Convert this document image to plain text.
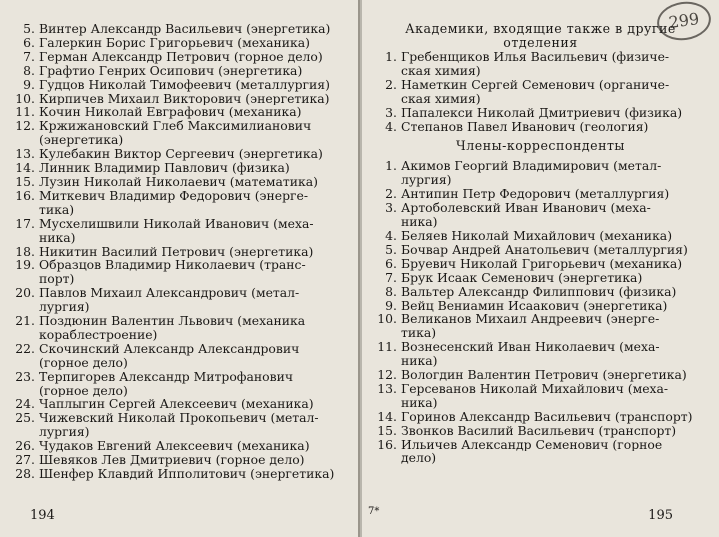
5. Винтер Александр Васильевич (энергетика)
6. Галеркин Борис Григорьевич (механика)
7. Герман Александр Петрович (горное дело)
8. Графтио Генрих Осипович (энергетика)
9. Гудцов Николай Тимофеевич (металлургия)
10. Кирпичев Михаил Викторович (энергетика)
11. Кочин Николай Евграфович (механика)
12. Кржижановский Глеб Максимилианович
(энергетика)
13. Кулебакин Виктор Сергеевич (энергетика)
14. Линник Владимир Павлович (физика)
15. Лузин Николай Николаевич (математика)
16. Миткевич Владимир Федорович (энерге-
тика)
17. Мусхелишвили Николай Иванович (меха-
ника)
18. Никитин Василий Петрович (энергетика)
19. Образцов Владимир Николаевич (транс-
порт)
20. Павлов Михаил Александрович (метал-
лургия)
21. Поздюнин Валентин Львович (механика
кораблестроение)
22. Скочинский Александр Александрович
(горное дело)
23. Терпигорев Александр Митрофанович
(горное дело)
24. Чаплыгин Сергей Алексеевич (механика)
25. Чижевский Николай Прокопьевич (метал-
лургия)
26. Чудаков Евгений Алексеевич (механика)
27. Шевяков Лев Дмитриевич (горное дело)
28. Шенфер Клавдий Ипполитович (энергетика)
194
299
Академики, входящие также в другие
отделения
1. Гребенщиков Илья Васильевич (физиче-
ская химия)
2. Наметкин Сергей Семенович (органиче-
ская химия)
3. Папалекси Николай Дмитриевич (физика)
4. Степанов Павел Иванович (геология)
Члены-корреспонденты
1. Акимов Георгий Владимирович (метал-
лургия)
2. Антипин Петр Федорович (металлургия)
3. Артоболевский Иван Иванович (меха-
ника)
4. Беляев Николай Михайлович (механика)
5. Бочвар Андрей Анатольевич (металлургия)
6. Бруевич Николай Григорьевич (механика)
7. Брук Исаак Семенович (энергетика)
8. Вальтер Александр Филиппович (физика)
9. Вейц Вениамин Исаакович (энергетика)
10. Великанов Михаил Андреевич (энерге-
тика)
11. Вознесенский Иван Николаевич (меха-
ника)
12. Вологдин Валентин Петрович (энергетика)
13. Герсеванов Николай Михайлович (меха-
ника)
14. Горинов Александр Васильевич (транспорт)
15. Звонков Василий Васильевич (транспорт)
16. Ильичев Александр Семенович (горное
дело)
7*	195
